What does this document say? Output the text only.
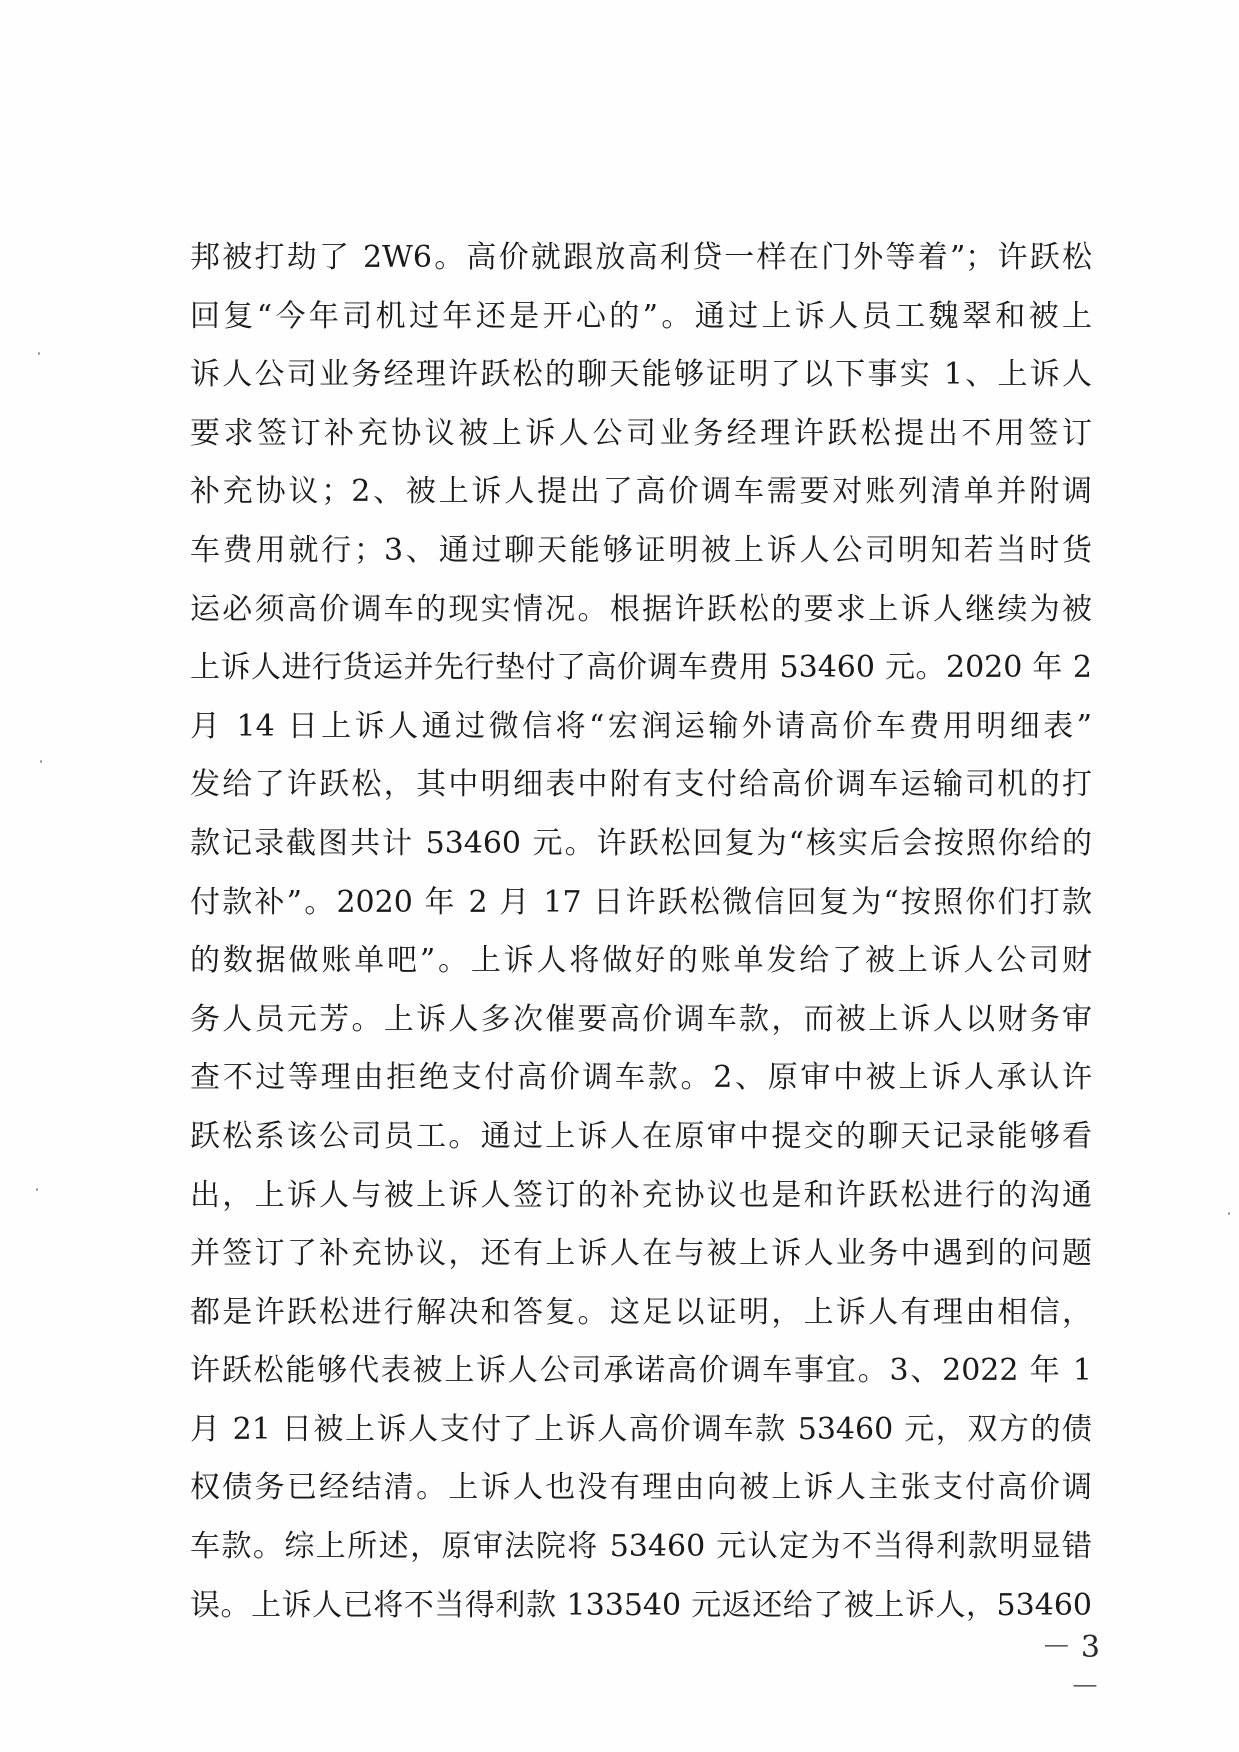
邦被打劫了 2W6。高价就跟放高利贷一样在门外等着”；许跃松
回复“今年司机过年还是开心的”。通过上诉人员工魏翠和被上
诉人公司业务经理许跃松的聊天能够证明了以下事实 1、上诉人
要求签订补充协议被上诉人公司业务经理许跃松提出不用签订
补充协议；2、被上诉人提出了高价调车需要对账列清单并附调
车费用就行；3、通过聊天能够证明被上诉人公司明知若当时货
运必须高价调车的现实情况。根据许跃松的要求上诉人继续为被
上诉人进行货运并先行垫付了高价调车费用 53460 元。2020 年 2
月 14 日上诉人通过微信将“宏润运输外请高价车费用明细表”
发给了许跃松，其中明细表中附有支付给高价调车运输司机的打
款记录截图共计 53460 元。许跃松回复为“核实后会按照你给的
付款补”。2020 年 2 月 17 日许跃松微信回复为“按照你们打款
的数据做账单吧”。上诉人将做好的账单发给了被上诉人公司财
务人员元芳。上诉人多次催要高价调车款，而被上诉人以财务审
查不过等理由拒绝支付高价调车款。2、原审中被上诉人承认许
跃松系该公司员工。通过上诉人在原审中提交的聊天记录能够看
出，上诉人与被上诉人签订的补充协议也是和许跃松进行的沟通
并签订了补充协议，还有上诉人在与被上诉人业务中遇到的问题
都是许跃松进行解决和答复。这足以证明，上诉人有理由相信，
许跃松能够代表被上诉人公司承诺高价调车事宜。3、2022 年 1
月 21 日被上诉人支付了上诉人高价调车款 53460 元，双方的债
权债务已经结清。上诉人也没有理由向被上诉人主张支付高价调
车款。综上所述，原审法院将 53460 元认定为不当得利款明显错
误。上诉人已将不当得利款 133540 元返还给了被上诉人，53460
－ 3 －
